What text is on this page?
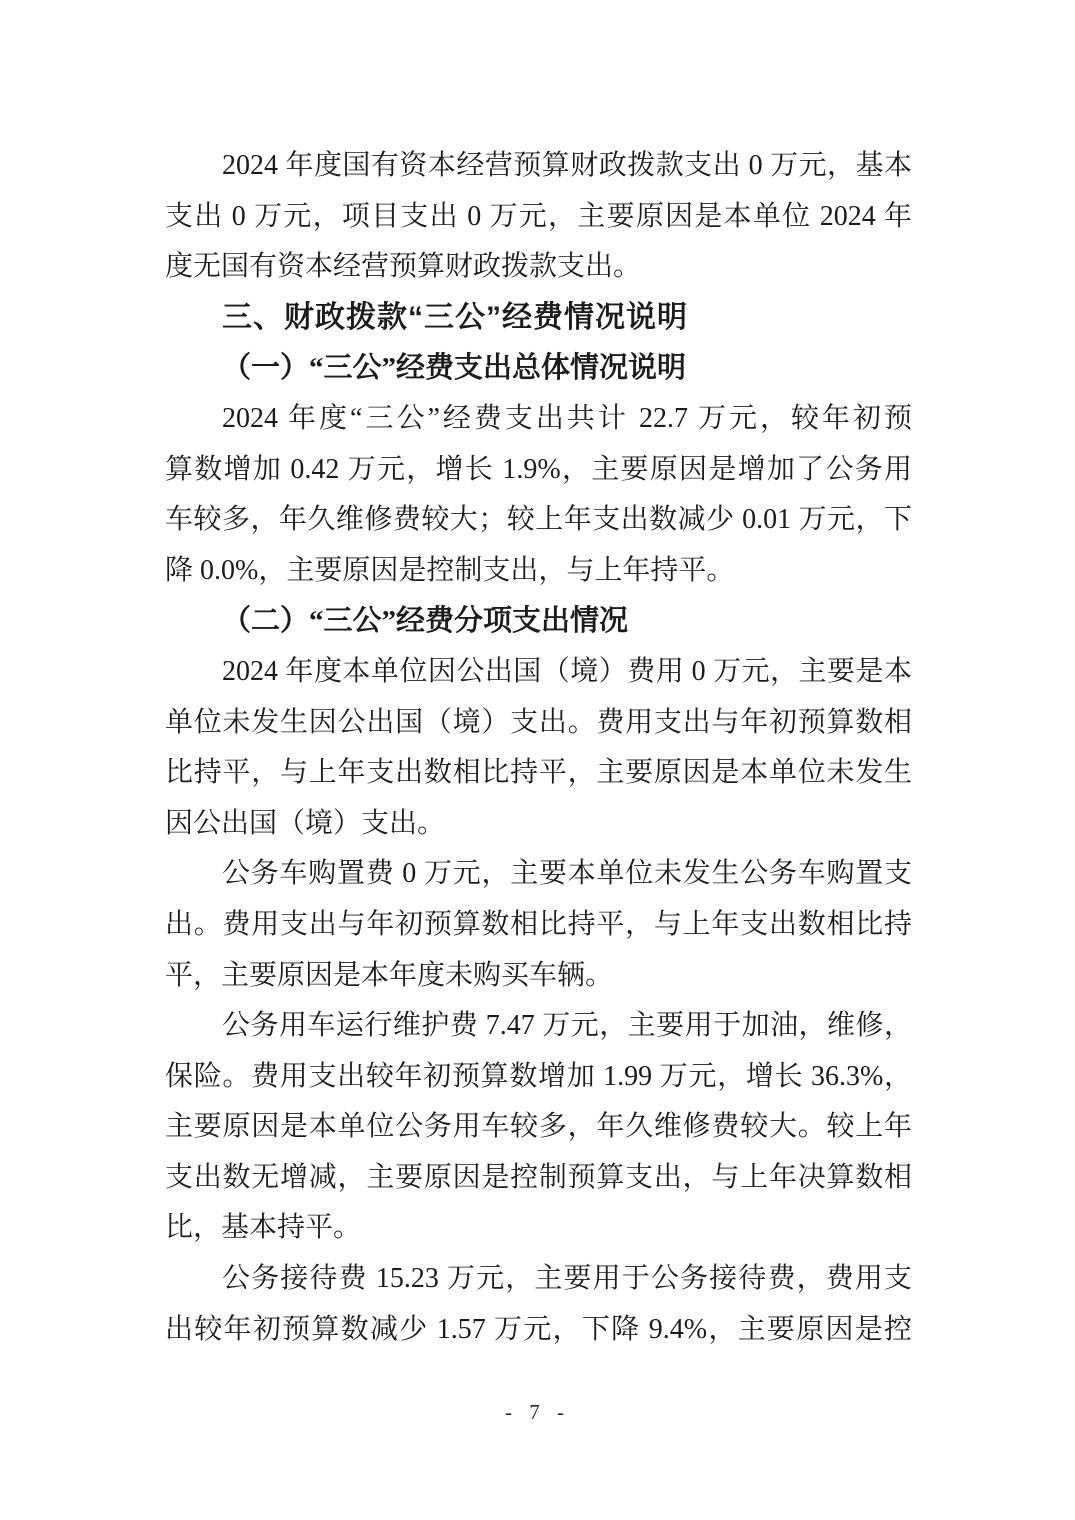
2024 年度国有资本经营预算财政拨款支出 0 万元，基本
支出 0 万元，项目支出 0 万元，主要原因是本单位 2024 年
度无国有资本经营预算财政拨款支出。
三、财政拨款“三公”经费情况说明
（一）“三公”经费支出总体情况说明
2024 年度“三公”经费支出共计 22.7 万元，较年初预
算数增加 0.42 万元，增长 1.9%，主要原因是增加了公务用
车较多，年久维修费较大；较上年支出数减少 0.01 万元，下
降 0.0%，主要原因是控制支出，与上年持平。
（二）“三公”经费分项支出情况
2024 年度本单位因公出国（境）费用 0 万元，主要是本
单位未发生因公出国（境）支出。费用支出与年初预算数相
比持平，与上年支出数相比持平，主要原因是本单位未发生
因公出国（境）支出。
公务车购置费 0 万元，主要本单位未发生公务车购置支
出。费用支出与年初预算数相比持平，与上年支出数相比持
平，主要原因是本年度未购买车辆。
公务用车运行维护费 7.47 万元，主要用于加油，维修，
保险。费用支出较年初预算数增加 1.99 万元，增长 36.3%，
主要原因是本单位公务用车较多，年久维修费较大。较上年
支出数无增减，主要原因是控制预算支出，与上年决算数相
比，基本持平。
公务接待费 15.23 万元，主要用于公务接待费，费用支
出较年初预算数减少 1.57 万元，下降 9.4%，主要原因是控
- 7 -
